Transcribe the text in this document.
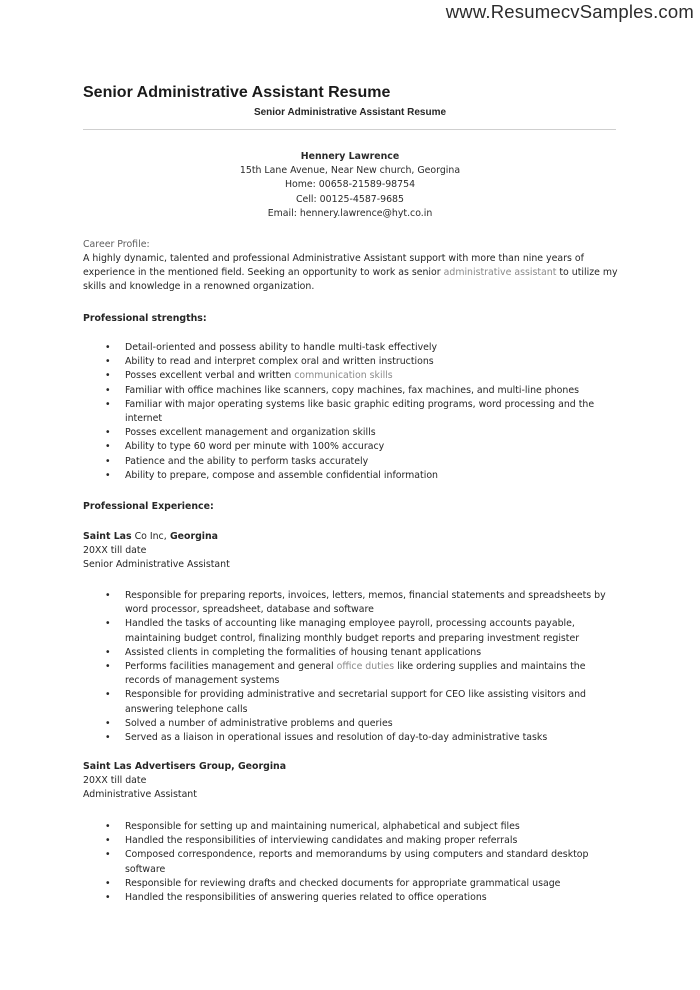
www.ResumecvSamples.com
Senior Administrative Assistant Resume
Senior Administrative Assistant Resume
Hennery Lawrence
15th Lane Avenue, Near New church, Georgina
Home: 00658-21589-98754
Cell: 00125-4587-9685
Email: hennery.lawrence@hyt.co.in
Career Profile:
A highly dynamic, talented and professional Administrative Assistant support with more than nine years of experience in the mentioned field. Seeking an opportunity to work as senior administrative assistant to utilize my skills and knowledge in a renowned organization.
Professional strengths:
• Detail-oriented and possess ability to handle multi-task effectively
• Ability to read and interpret complex oral and written instructions
• Posses excellent verbal and written communication skills
• Familiar with office machines like scanners, copy machines, fax machines, and multi-line phones
• Familiar with major operating systems like basic graphic editing programs, word processing and the internet
• Posses excellent management and organization skills
• Ability to type 60 word per minute with 100% accuracy
• Patience and the ability to perform tasks accurately
• Ability to prepare, compose and assemble confidential information
Professional Experience:
Saint Las Co Inc, Georgina
20XX till date
Senior Administrative Assistant
• Responsible for preparing reports, invoices, letters, memos, financial statements and spreadsheets by word processor, spreadsheet, database and software
• Handled the tasks of accounting like managing employee payroll, processing accounts payable, maintaining budget control, finalizing monthly budget reports and preparing investment register
• Assisted clients in completing the formalities of housing tenant applications
• Performs facilities management and general office duties like ordering supplies and maintains the records of management systems
• Responsible for providing administrative and secretarial support for CEO like assisting visitors and answering telephone calls
• Solved a number of administrative problems and queries
• Served as a liaison in operational issues and resolution of day-to-day administrative tasks
Saint Las Advertisers Group, Georgina
20XX till date
Administrative Assistant
• Responsible for setting up and maintaining numerical, alphabetical and subject files
• Handled the responsibilities of interviewing candidates and making proper referrals
• Composed correspondence, reports and memorandums by using computers and standard desktop software
• Responsible for reviewing drafts and checked documents for appropriate grammatical usage
• Handled the responsibilities of answering queries related to office operations
